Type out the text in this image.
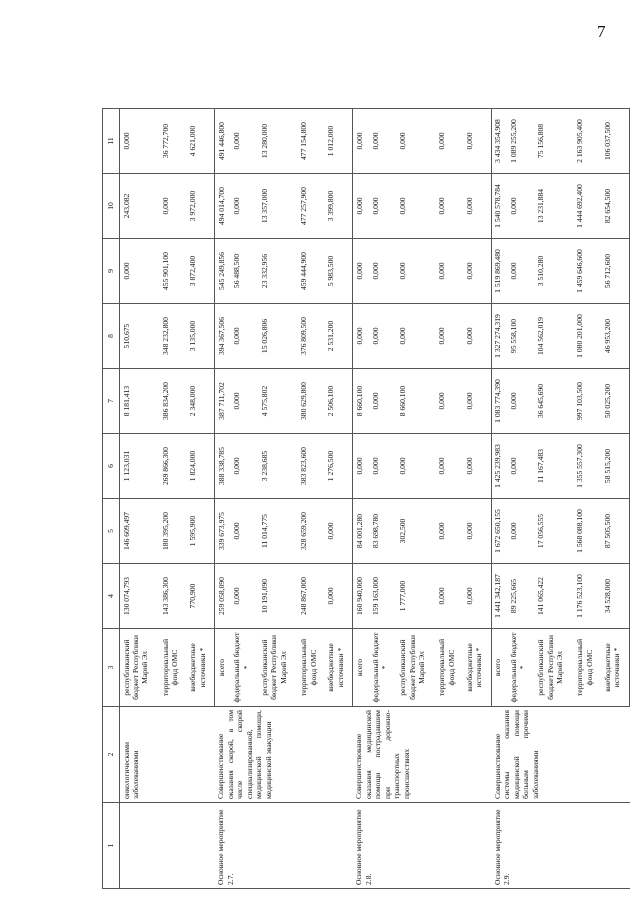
7
1	2	3	4	5	6	7	8	9	10	11
	онкологическими заболеваниями	республиканский бюджет Республики Марий Эл	130 074,793	146 609,497	1 123,031	8 181,413	510,675	0,000	243,082	0,000
		территориальный фонд ОМС	143 386,300	180 395,200	269 866,300	386 834,200	348 232,800	455 901,100	0,000	36 772,700
		внебюджетные источники *	770,900	1 595,900	1 824,000	2 348,000	3 135,000	3 872,400	3 972,000	4 621,000
Основное мероприятие 2.7.	Совершенствование оказания скорой, в том числе скорой специализированной, медицинской помощи, медицинской эвакуации	всего	259 058,090	339 673,975	388 338,785	387 711,702	394 367,506	545 249,856	494 014,700	491 446,800
		федеральный бюджет *	0,000	0,000	0,000	0,000	0,000	56 488,500	0,000	0,000
		республиканский бюджет Республики Марий Эл	10 191,090	11 014,775	3 238,685	4 575,802	15 026,806	23 332,956	13 357,000	13 280,000
		территориальный фонд ОМС	248 867,000	328 659,200	383 823,600	380 629,800	376 809,500	459 444,900	477 257,900	477 154,800
		внебюджетные источники *	0,000	0,000	1 276,500	2 506,100	2 531,200	5 983,500	3 399,800	1 012,000
Основное мероприятие 2.8.	Совершенствование оказания медицинской помощи пострадавшим при дорожно-транспортных происшествиях	всего	160 940,000	84 001,280	0,000	8 660,100	0,000	0,000	0,000	0,000
		федеральный бюджет *	159 163,000	83 698,780	0,000	0,000	0,000	0,000	0,000	0,000
		республиканский бюджет Республики Марий Эл	1 777,000	302,500	0,000	8 660,100	0,000	0,000	0,000	0,000
		территориальный фонд ОМС	0,000	0,000	0,000	0,000	0,000	0,000	0,000	0,000
		внебюджетные источники *	0,000	0,000	0,000	0,000	0,000	0,000	0,000	0,000
Основное мероприятие 2.9.	Совершенствование системы оказания медицинской помощи больным прочими заболеваниями	всего	1 441 342,187	1 672 650,155	1 425 239,983	1 083 774,390	1 327 274,319	1 519 869,480	1 540 578,784	3 434 354,908
		федеральный бюджет *	89 225,665	0,000	0,000	0,000	95 558,100	0,000	0,000	1 089 255,200
		республиканский бюджет Республики Марий Эл	141 065,422	17 056,555	11 167,483	36 645,690	104 562,019	3 510,280	13 231,884	75 156,808
		территориальный фонд ОМС	1 176 523,100	1 568 088,100	1 355 557,300	997 103,500	1 080 201,000	1 459 646,600	1 444 692,400	2 163 905,400
		внебюджетные источники *	34 528,000	87 505,500	58 515,200	50 025,200	46 953,200	56 712,600	82 654,500	106 037,500
